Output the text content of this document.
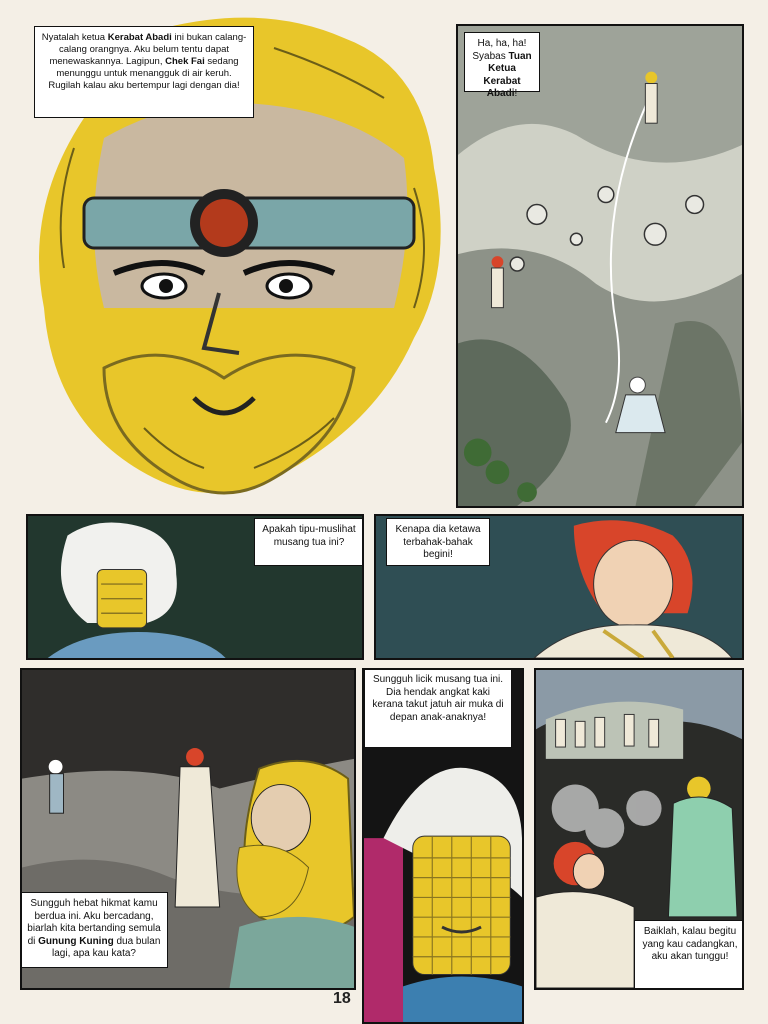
Nyatalah ketua Kerabat Abadi ini bukan calang-calang orangnya. Aku belum tentu dapat menewaskannya. Lagipun, Chek Fai sedang menunggu untuk menangguk di air keruh. Rugilah kalau aku bertempur lagi dengan dia!
Ha, ha, ha! Syabas Tuan Ketua Kerabat Abadi!
Apakah tipu-muslihat musang tua ini?
Kenapa dia ketawa terbahak-bahak begini!
Sungguh hebat hikmat kamu berdua ini. Aku bercadang, biarlah kita bertanding semula di Gunung Kuning dua bulan lagi, apa kau kata?
Sungguh licik musang tua ini. Dia hendak angkat kaki kerana takut jatuh air muka di depan anak-anaknya!
Baiklah, kalau begitu yang kau cadangkan, aku akan tunggu!
18
